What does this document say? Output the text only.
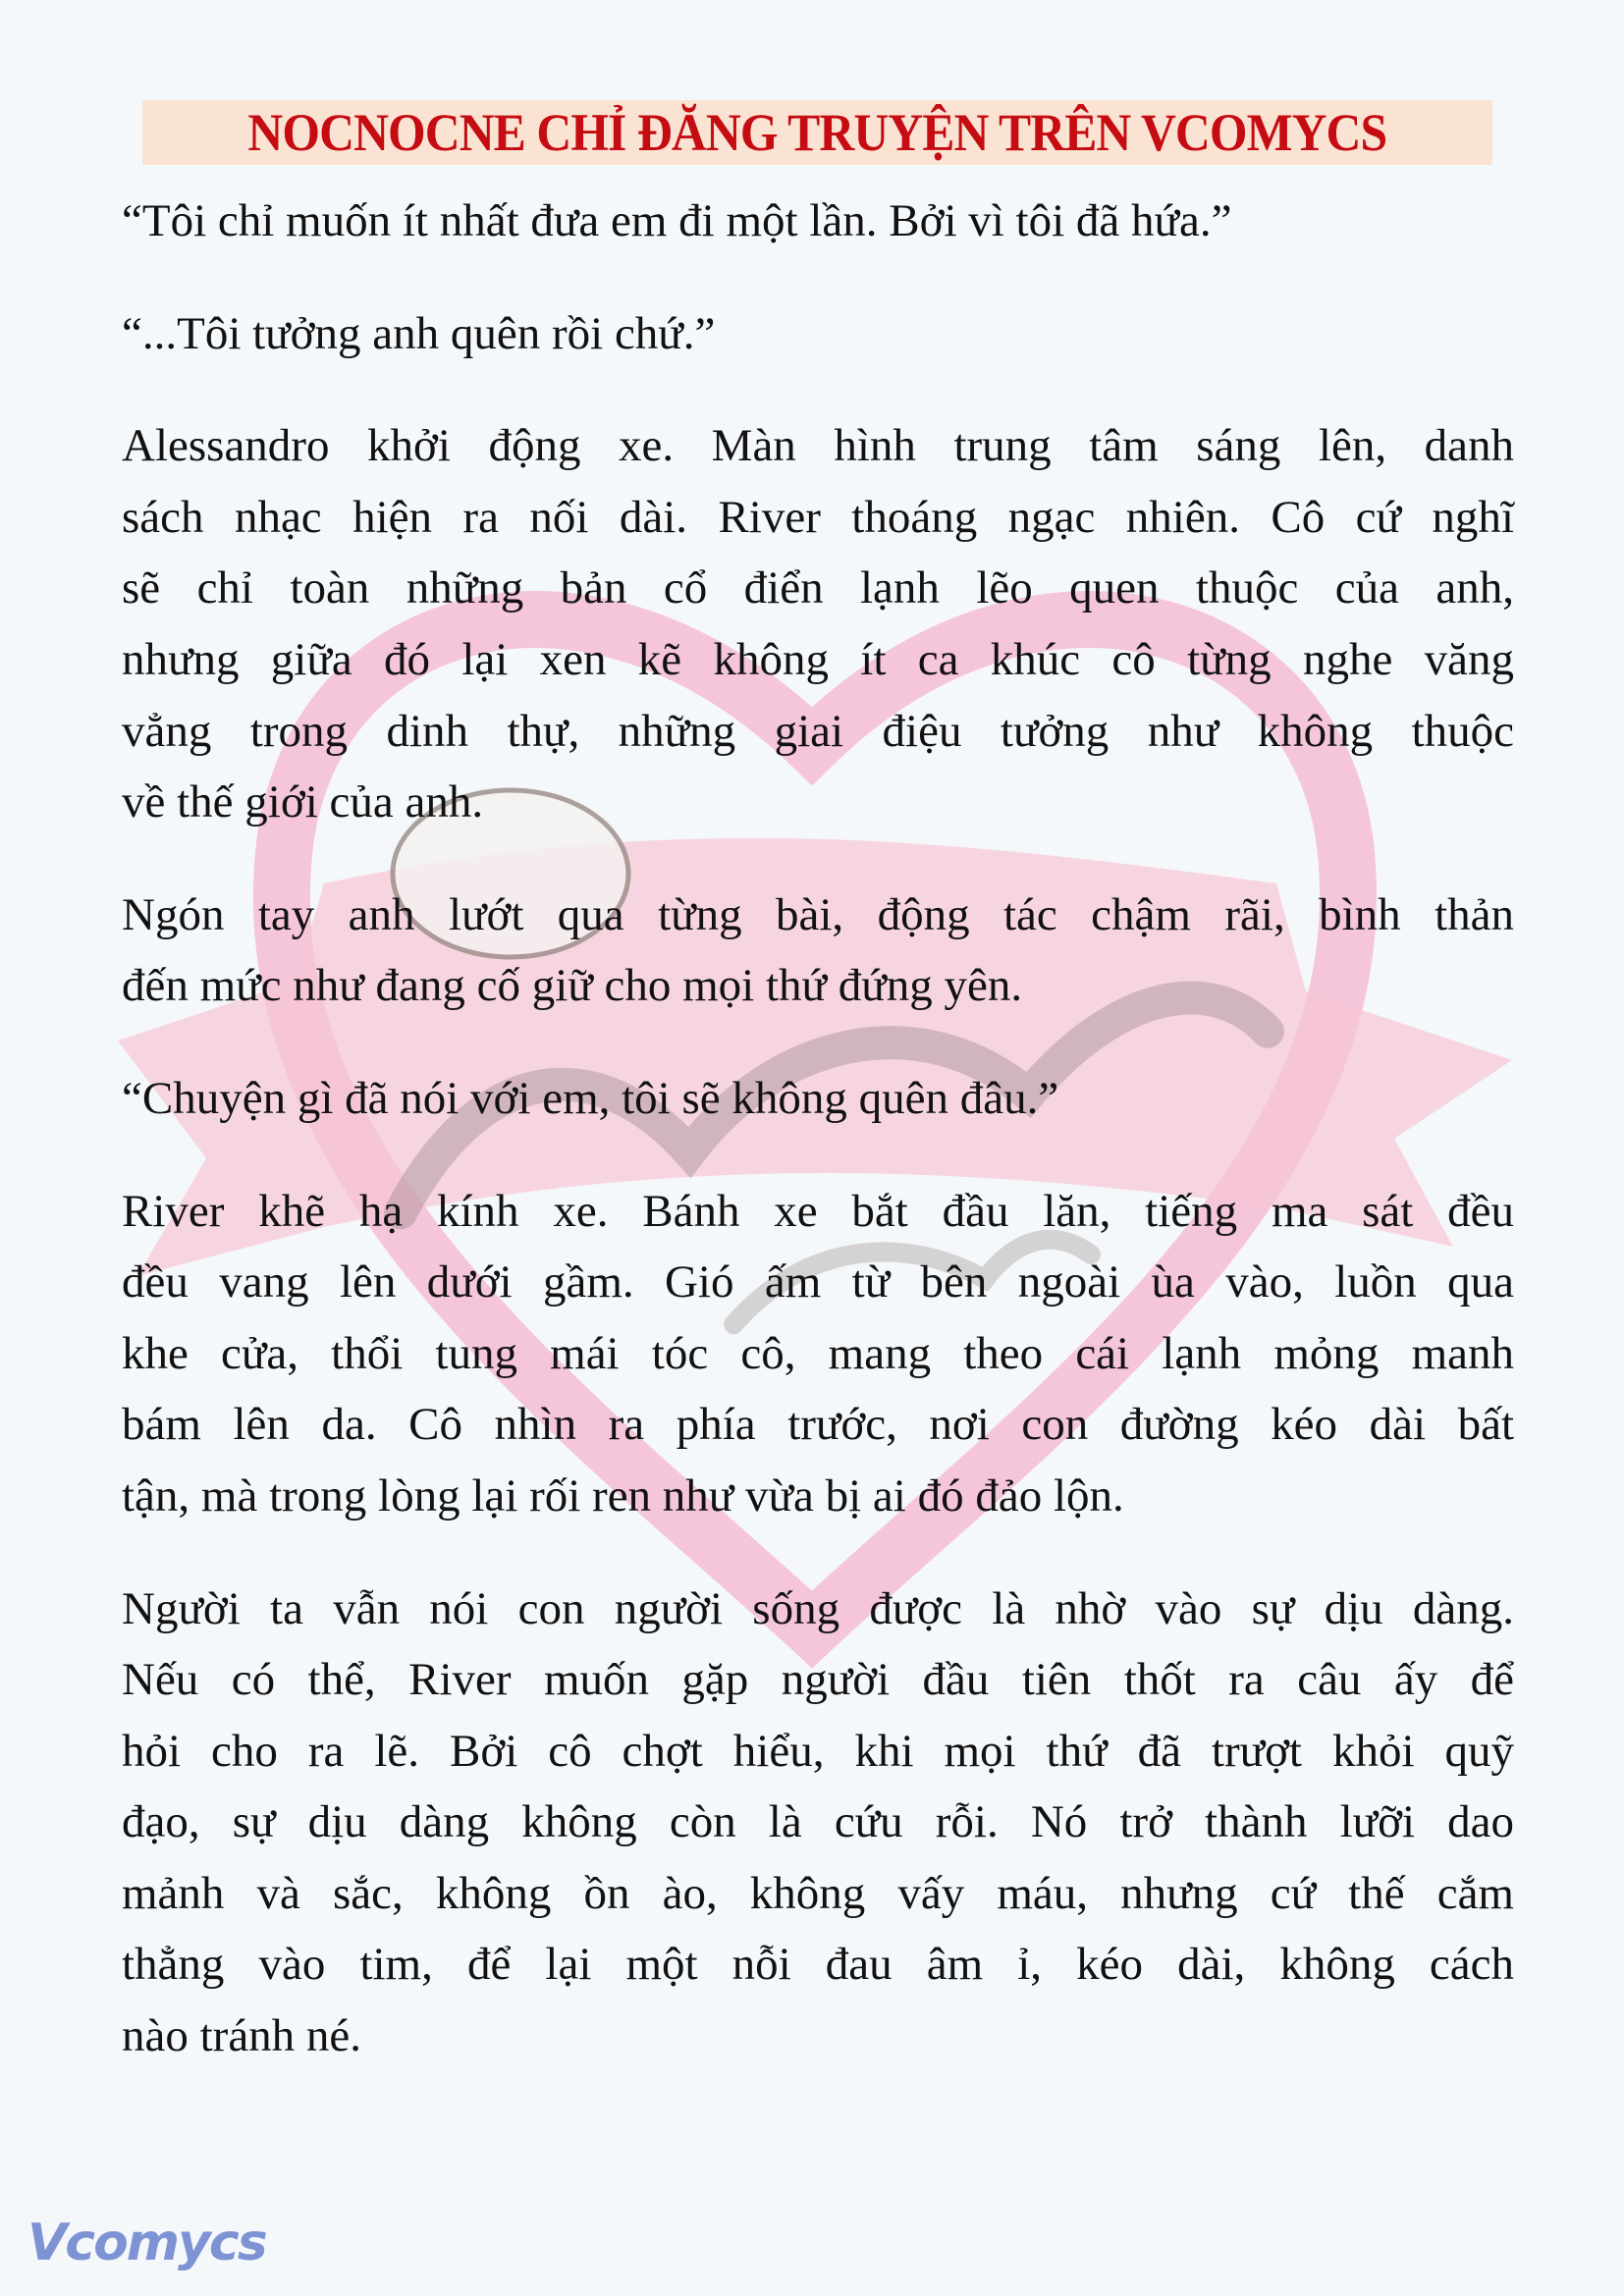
NOCNOCNE CHỈ ĐĂNG TRUYỆN TRÊN VCOMYCS
“Tôi chỉ muốn ít nhất đưa em đi một lần. Bởi vì tôi đã hứa.”
“...Tôi tưởng anh quên rồi chứ.”
Alessandro khởi động xe. Màn hình trung tâm sáng lên, danh
sách nhạc hiện ra nối dài. River thoáng ngạc nhiên. Cô cứ nghĩ
sẽ chỉ toàn những bản cổ điển lạnh lẽo quen thuộc của anh,
nhưng giữa đó lại xen kẽ không ít ca khúc cô từng nghe văng
vẳng trong dinh thự, những giai điệu tưởng như không thuộc
về thế giới của anh.
Ngón tay anh lướt qua từng bài, động tác chậm rãi, bình thản
đến mức như đang cố giữ cho mọi thứ đứng yên.
“Chuyện gì đã nói với em, tôi sẽ không quên đâu.”
River khẽ hạ kính xe. Bánh xe bắt đầu lăn, tiếng ma sát đều
đều vang lên dưới gầm. Gió ấm từ bên ngoài ùa vào, luồn qua
khe cửa, thổi tung mái tóc cô, mang theo cái lạnh mỏng manh
bám lên da. Cô nhìn ra phía trước, nơi con đường kéo dài bất
tận, mà trong lòng lại rối ren như vừa bị ai đó đảo lộn.
Người ta vẫn nói con người sống được là nhờ vào sự dịu dàng.
Nếu có thể, River muốn gặp người đầu tiên thốt ra câu ấy để
hỏi cho ra lẽ. Bởi cô chợt hiểu, khi mọi thứ đã trượt khỏi quỹ
đạo, sự dịu dàng không còn là cứu rỗi. Nó trở thành lưỡi dao
mảnh và sắc, không ồn ào, không vấy máu, nhưng cứ thế cắm
thẳng vào tim, để lại một nỗi đau âm ỉ, kéo dài, không cách
nào tránh né.
Vcomycs
